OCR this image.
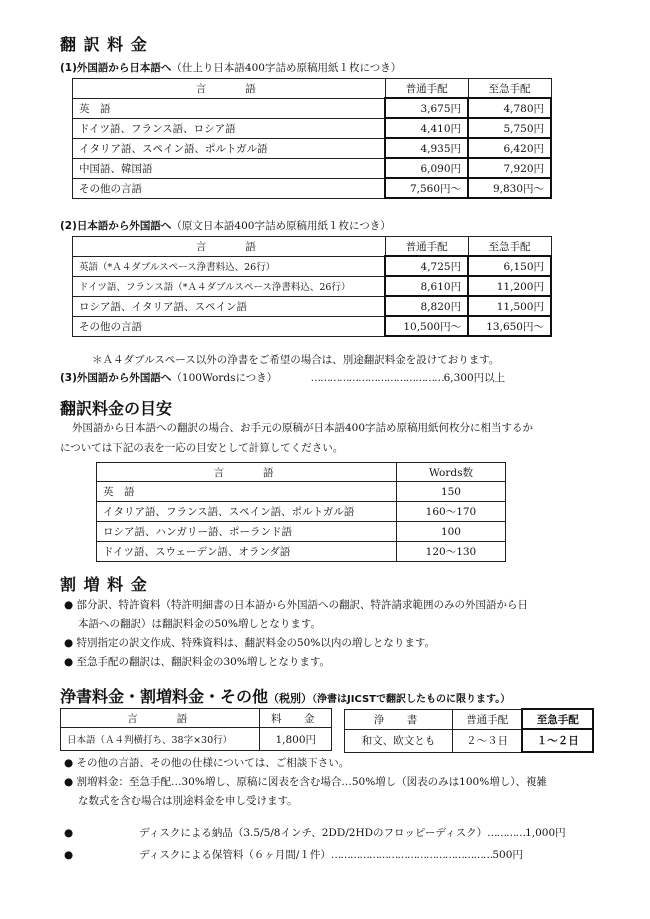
翻 訳 料 金
(1)外国語から日本語へ（仕上り日本語400字詰め原稿用紙１枚につき）
言　　語	普通手配	至急手配
英　語	3,675円	4,780円
ドイツ語、フランス語、ロシア語	4,410円	5,750円
イタリア語、スペイン語、ポルトガル語	4,935円	6,420円
中国語、韓国語	6,090円	7,920円
その他の言語	7,560円～	9,830円～
(2)日本語から外国語へ（原文日本語400字詰め原稿用紙１枚につき）
言　　語	普通手配	至急手配
英語（*Ａ４ダブルスペース浄書料込、26行）	4,725円	6,150円
ドイツ語、フランス語（*Ａ４ダブルスペース浄書料込、26行）	8,610円	11,200円
ロシア語、イタリア語、スペイン語	8,820円	11,500円
その他の言語	10,500円～	13,650円～
＊Ａ４ダブルスペース以外の浄書をご希望の場合は、別途翻訳料金を設けております。
(3)外国語から外国語へ（100Wordsにつき）	……………………………………6,300円以上
翻訳料金の目安
外国語から日本語への翻訳の場合、お手元の原稿が日本語400字詰め原稿用紙何枚分に相当するか
については下記の表を一応の目安として計算してください。
言　　語	Words数
英　語	150
イタリア語、フランス語、スペイン語、ポルトガル語	160～170
ロシア語、ハンガリー語、ポーランド語	100
ドイツ語、スウェーデン語、オランダ語	120～130
割 増 料 金
● 部分訳、特許資料（特許明細書の日本語から外国語への翻訳、特許請求範囲のみの外国語から日
本語への翻訳）は翻訳料金の50%増しとなります。
● 特別指定の訳文作成、特殊資料は、翻訳料金の50%以内の増しとなります。
● 至急手配の翻訳は、翻訳料金の30%増しとなります。
浄書料金・割増料金・その他（税別）（浄書はJICSTで翻訳したものに限ります。）
言　　語	料　金
日本語（Ａ４判横打ち、38字×30行）	1,800円
浄　書	普通手配	至急手配
和文、欧文とも	２～３日	１～２日
● その他の言語、その他の仕様については、ご相談下さい。
● 割増料金：至急手配…30%増し、原稿に図表を含む場合…50%増し（図表のみは100%増し）、複雑
な数式を含む場合は別途料金を申し受けます。
●	ディスクによる納品（3.5/5/8インチ、2DD/2HDのフロッピーディスク）…………1,000円
●	ディスクによる保管料（６ヶ月間/１件）……………………………………………500円
